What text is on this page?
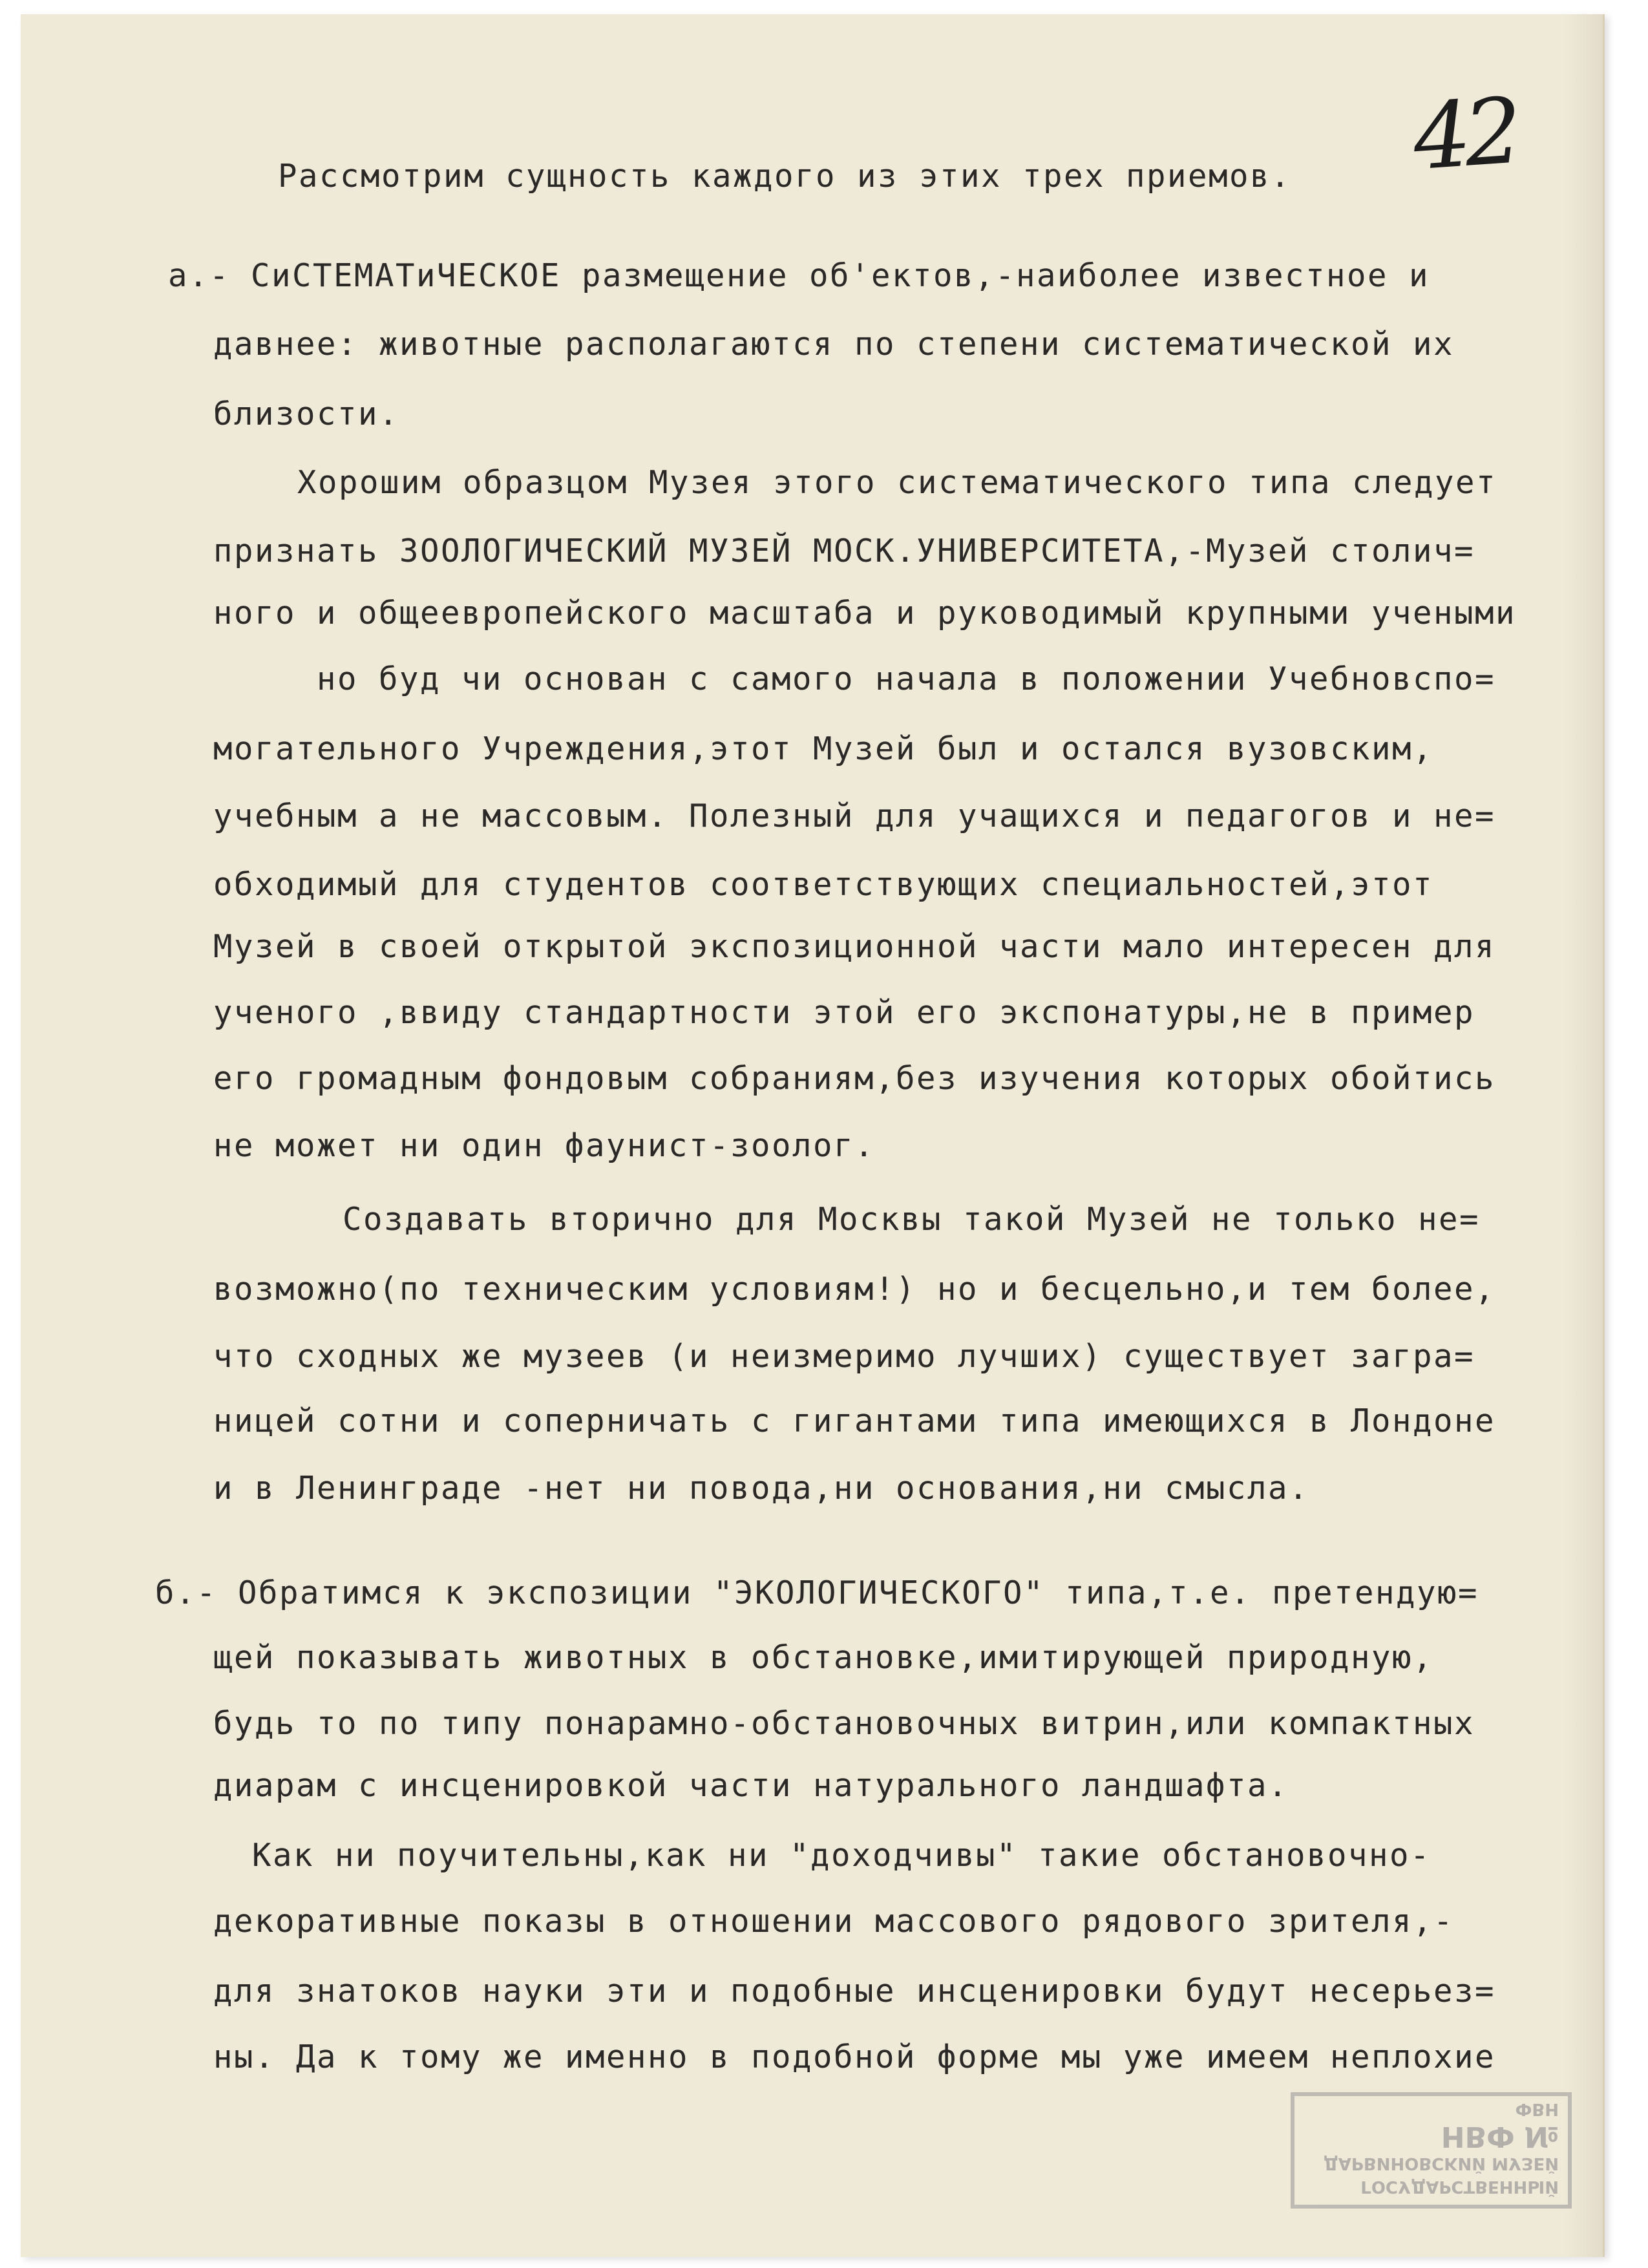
42

Рассмотрим сущность каждого из этих трех приемов.

а.- СиСТЕМАТиЧЕСКОЕ размещение об'ектов,-наиболее известное и

давнее: животные располагаются по степени систематической их

близости.

Хорошим образцом Музея этого систематического типа следует

признать ЗООЛОГИЧЕСКИЙ МУЗЕЙ МОСК.УНИВЕРСИТЕТА,-Музей столич=

ного и общеевропейского масштаба и руководимый крупными учеными

но буд чи основан с самого начала в положении Учебновспо=

могательного Учреждения,этот Музей был и остался вузовским,

учебным а не массовым. Полезный для учащихся и педагогов и не=

обходимый для студентов соответствующих специальностей,этот

Музей в своей открытой экспозиционной части мало интересен для

ученого ,ввиду стандартности этой его экспонатуры,не в пример

его громадным фондовым собраниям,без изучения которых обойтись

не может ни один фаунист-зоолог.

Создавать вторично для Москвы такой Музей не только не=

возможно(по техническим условиям!) но и бесцельно,и тем более,

что сходных же музеев (и неизмеримо лучших) существует загра=

ницей сотни и соперничать с гигантами типа имеющихся в Лондоне

и в Ленинграде -нет ни повода,ни основания,ни смысла.

б.- Обратимся к экспозиции "ЭКОЛОГИЧЕСКОГО" типа,т.е. претендую=

щей показывать животных в обстановке,имитирующей природную,

будь то по типу понарамно-обстановочных витрин,или компактных

диарам с инсценировкой части натурального ландшафта.

Как ни поучительны,как ни "доходчивы" такие обстановочно-

декоративные показы в отношении массового рядового зрителя,-

для знатоков науки эти и подобные инсценировки будут несерьез=

ны. Да к тому же именно в подобной форме мы уже имеем неплохие

ГОСУДАРСТВЕННЫЙ
ДАРВИНОВСКИЙ МУЗЕЙ
НВФ №
ФВН
